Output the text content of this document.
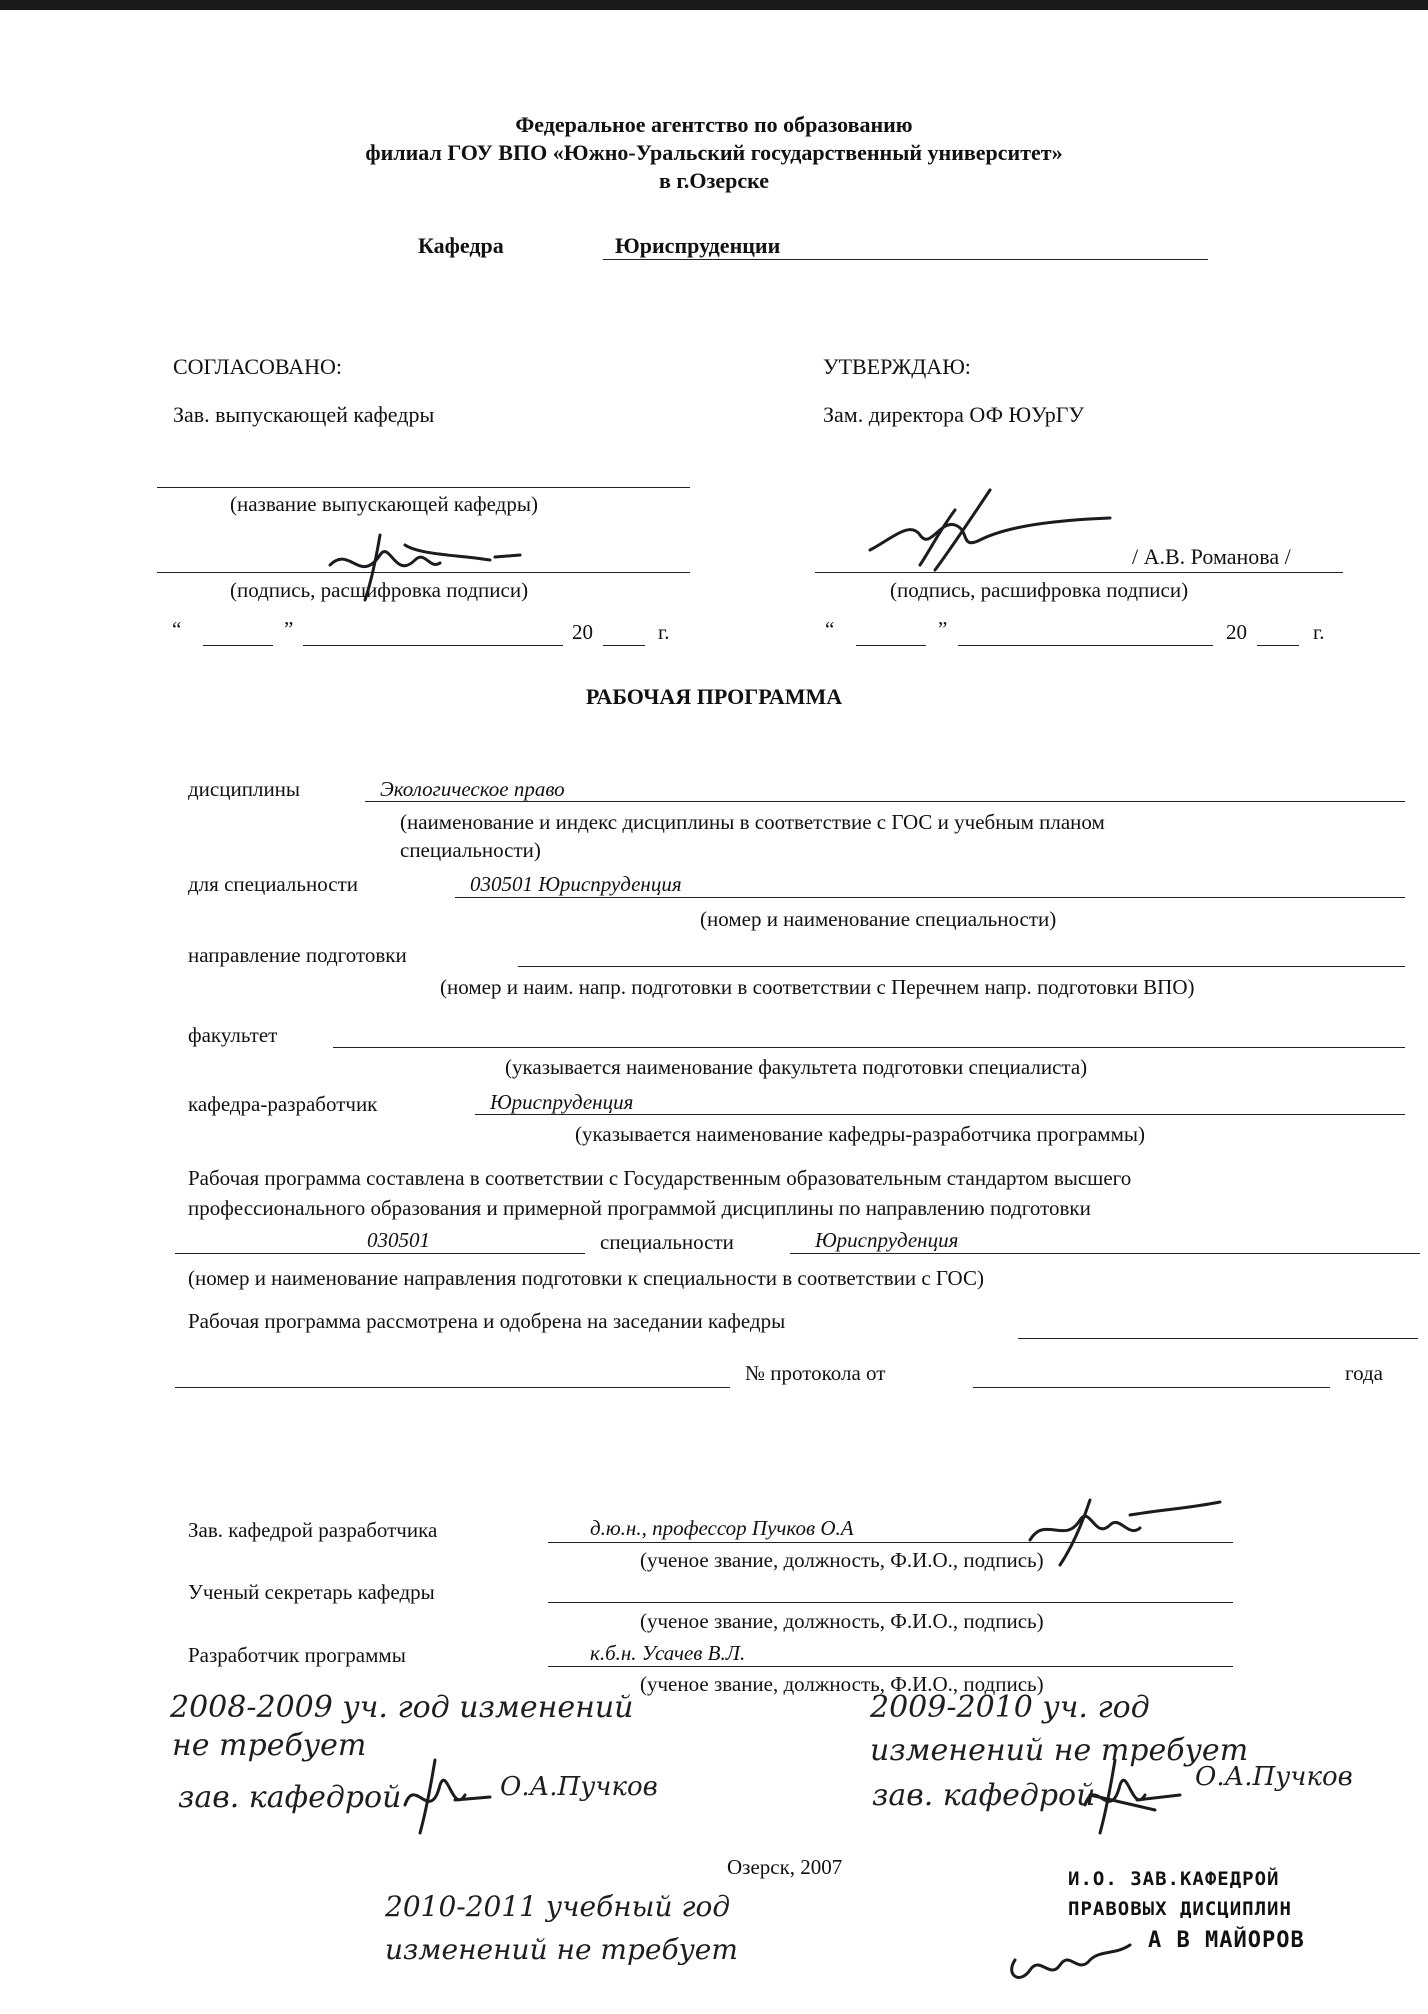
Федеральное агентство по образованию
филиал ГОУ ВПО «Южно-Уральский государственный университет»
в г.Озерске
Кафедра	Юриспруденции
СОГЛАСОВАНО:
Зав. выпускающей кафедры
(название выпускающей кафедры)
(подпись, расшифровка подписи)
“	”	20	г.
УТВЕРЖДАЮ:
Зам. директора ОФ ЮУрГУ
/ А.В. Романова /
(подпись, расшифровка подписи)
“	”	20	г.
РАБОЧАЯ ПРОГРАММА
дисциплины	Экологическое право
(наименование и индекс дисциплины в соответствие с ГОС и учебным планом
специальности)
для специальности	030501 Юриспруденция
(номер и наименование специальности)
направление подготовки
(номер и наим. напр. подготовки в соответствии с Перечнем напр. подготовки ВПО)
факультет
(указывается наименование факультета подготовки специалиста)
кафедра-разработчик	Юриспруденция
(указывается наименование кафедры-разработчика программы)
Рабочая программа составлена в соответствии с Государственным образовательным стандартом высшего
профессионального образования и примерной программой дисциплины по направлению подготовки
030501	специальности	Юриспруденция
(номер и наименование направления подготовки к специальности в соответствии с ГОС)
Рабочая программа рассмотрена и одобрена на заседании кафедры
№ протокола от	года
Зав. кафедрой разработчика	д.ю.н., профессор Пучков О.А
(ученое звание, должность, Ф.И.О., подпись)
Ученый секретарь кафедры
(ученое звание, должность, Ф.И.О., подпись)
Разработчик программы	к.б.н. Усачев В.Л.
(ученое звание, должность, Ф.И.О., подпись)
2008-2009 уч. год изменений
не требует
зав. кафедрой	О.А.Пучков
2009-2010 уч. год
изменений не требует
зав. кафедрой
О.А.Пучков
Озерск, 2007
2010-2011 учебный год
изменений не требует
И.О. ЗАВ.КАФЕДРОЙ
ПРАВОВЫХ ДИСЦИПЛИН
А В МАЙОРОВ
